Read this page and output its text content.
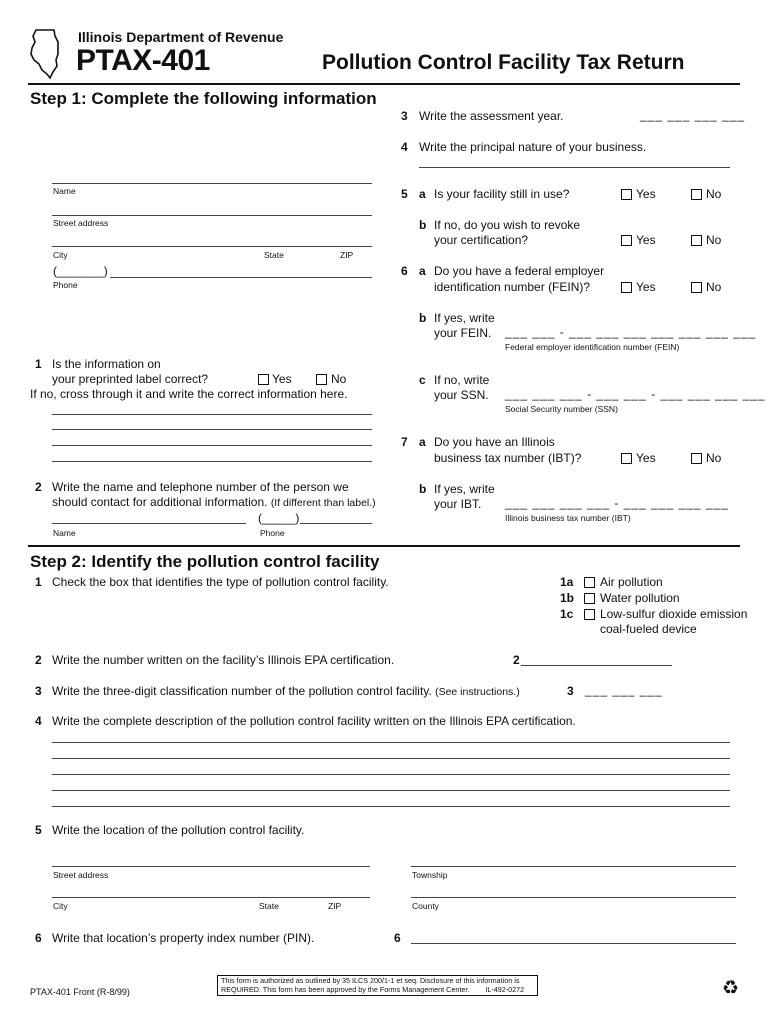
Illinois Department of Revenue
PTAX-401	Pollution Control Facility Tax Return
Step 1: Complete the following information
Name
Street address
City	State	ZIP
(_______)
Phone
1 Is the information on
your preprinted label correct?	Yes	No
If no, cross through it and write the correct information here.
2 Write the name and telephone number of the person we
should contact for additional information. (If different than label.)
(_____)
Name	Phone
3 Write the assessment year.	___ ___ ___ ___
4 Write the principal nature of your business.
5 a Is your facility still in use?	Yes	No
b If no, do you wish to revoke
your certification?	Yes	No
6 a Do you have a federal employer
identification number (FEIN)?	Yes	No
b If yes, write
your FEIN. ___ ___ - ___ ___ ___ ___ ___ ___ ___
Federal employer identification number (FEIN)
c If no, write
your SSN. ___ ___ ___ - ___ ___ - ___ ___ ___ ___
Social Security number (SSN)
7 a Do you have an Illinois
business tax number (IBT)?	Yes	No
b If yes, write
your IBT. ___ ___ ___ ___ - ___ ___ ___ ___
Illinois business tax number (IBT)
Step 2: Identify the pollution control facility
1 Check the box that identifies the type of pollution control facility.	1a Air pollution
1b Water pollution
1c Low-sulfur dioxide emission
coal-fueled device
2 Write the number written on the facility’s Illinois EPA certification.	2
3 Write the three-digit classification number of the pollution control facility. (See instructions.)	3 ___ ___ ___
4 Write the complete description of the pollution control facility written on the Illinois EPA certification.
5 Write the location of the pollution control facility.
Street address	Township
City	State	ZIP	County
6 Write that location’s property index number (PIN).	6
PTAX-401 Front (R-8/99)
This form is authorized as outlined by 35 ILCS 200/1-1 et seq. Disclosure of this information is
REQUIRED. This form has been approved by the Forms Management Center. IL-492-0272	♻
